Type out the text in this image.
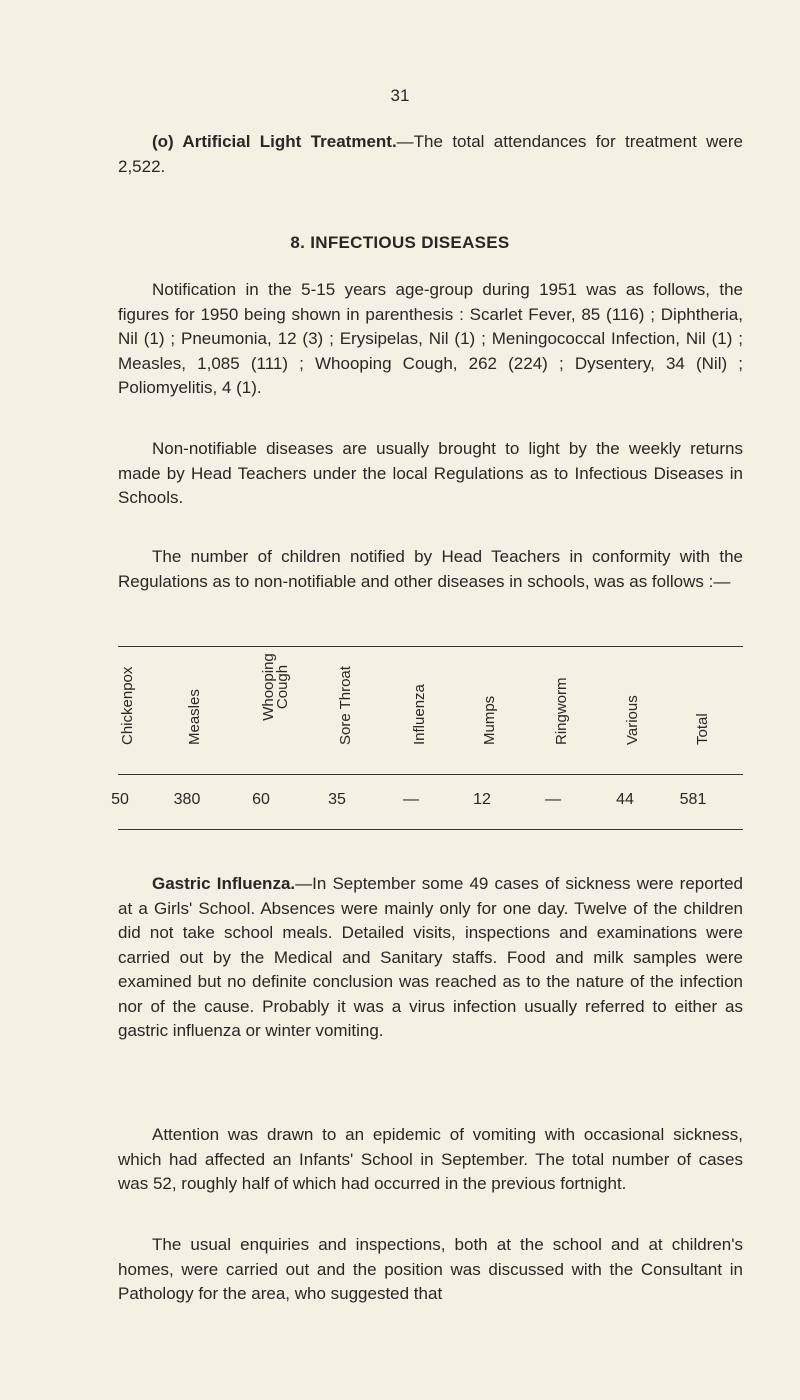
31

  (o) Artificial Light Treatment.—The total attendances for treatment were 2,522.

8. INFECTIOUS DISEASES

  Notification in the 5-15 years age-group during 1951 was as follows, the figures for 1950 being shown in parenthesis : Scarlet Fever, 85 (116) ; Diphtheria, Nil (1) ; Pneumonia, 12 (3) ; Erysipelas, Nil (1) ; Meningococcal Infection, Nil (1) ; Measles, 1,085 (111) ; Whooping Cough, 262 (224) ; Dysentery, 34 (Nil) ; Poliomyelitis, 4 (1).

  Non-notifiable diseases are usually brought to light by the weekly returns made by Head Teachers under the local Regulations as to Infectious Diseases in Schools.

  The number of children notified by Head Teachers in conformity with the Regulations as to non-notifiable and other diseases in schools, was as follows :—

Chickenpox	Measles	Whooping Cough	Sore Throat	Influenza	Mumps	Ringworm	Various	Total
50	380	60	35	—	12	—	44	581

  Gastric Influenza.—In September some 49 cases of sickness were reported at a Girls' School. Absences were mainly only for one day. Twelve of the children did not take school meals. Detailed visits, inspections and examinations were carried out by the Medical and Sanitary staffs. Food and milk samples were examined but no definite conclusion was reached as to the nature of the infection nor of the cause. Probably it was a virus infection usually referred to either as gastric influenza or winter vomiting.

  Attention was drawn to an epidemic of vomiting with occasional sickness, which had affected an Infants' School in September. The total number of cases was 52, roughly half of which had occurred in the previous fortnight.

  The usual enquiries and inspections, both at the school and at children's homes, were carried out and the position was discussed with the Consultant in Pathology for the area, who suggested that
